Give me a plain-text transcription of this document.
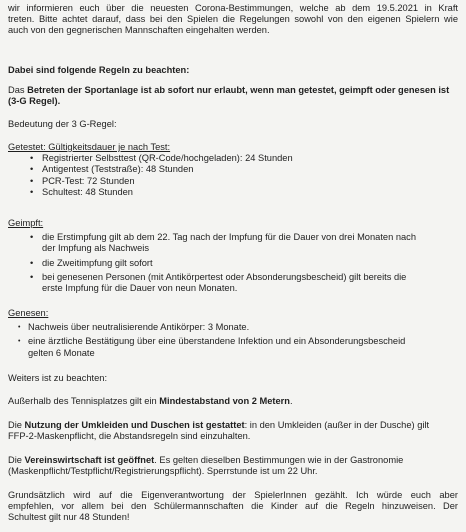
wir informieren euch über die neuesten Corona-Bestimmungen, welche ab dem 19.5.2021 in Kraft

treten. Bitte achtet darauf, dass bei den Spielen die Regelungen sowohl von den eigenen Spielern wie

auch von den gegnerischen Mannschaften eingehalten werden.

Dabei sind folgende Regeln zu beachten:

Das Betreten der Sportanlage ist ab sofort nur erlaubt, wenn man getestet, geimpft oder genesen ist

(3-G Regel).

Bedeutung der 3 G-Regel:

Getestet: Gültigkeitsdauer je nach Test:

• Registrierter Selbsttest (QR-Code/hochgeladen): 24 Stunden
• Antigentest (Teststraße): 48 Stunden
• PCR-Test: 72 Stunden
• Schultest: 48 Stunden

Geimpft:

• die Erstimpfung gilt ab dem 22. Tag nach der Impfung für die Dauer von drei Monaten nach
der Impfung als Nachweis
• die Zweitimpfung gilt sofort
• bei genesenen Personen (mit Antikörpertest oder Absonderungsbescheid) gilt bereits die
erste Impfung für die Dauer von neun Monaten.

Genesen:

• Nachweis über neutralisierende Antikörper: 3 Monate.
• eine ärztliche Bestätigung über eine überstandene Infektion und ein Absonderungsbescheid
gelten 6 Monate

Weiters ist zu beachten:

Außerhalb des Tennisplatzes gilt ein Mindestabstand von 2 Metern.

Die Nutzung der Umkleiden und Duschen ist gestattet: in den Umkleiden (außer in der Dusche) gilt

FFP-2-Maskenpflicht, die Abstandsregeln sind einzuhalten.

Die Vereinswirtschaft ist geöffnet. Es gelten dieselben Bestimmungen wie in der Gastronomie

(Maskenpflicht/Testpflicht/Registrierungspflicht). Sperrstunde ist um 22 Uhr.

Grundsätzlich wird auf die Eigenverantwortung der SpielerInnen gezählt. Ich würde euch aber

empfehlen, vor allem bei den Schülermannschaften die Kinder auf die Regeln hinzuweisen. Der

Schultest gilt nur 48 Stunden!
